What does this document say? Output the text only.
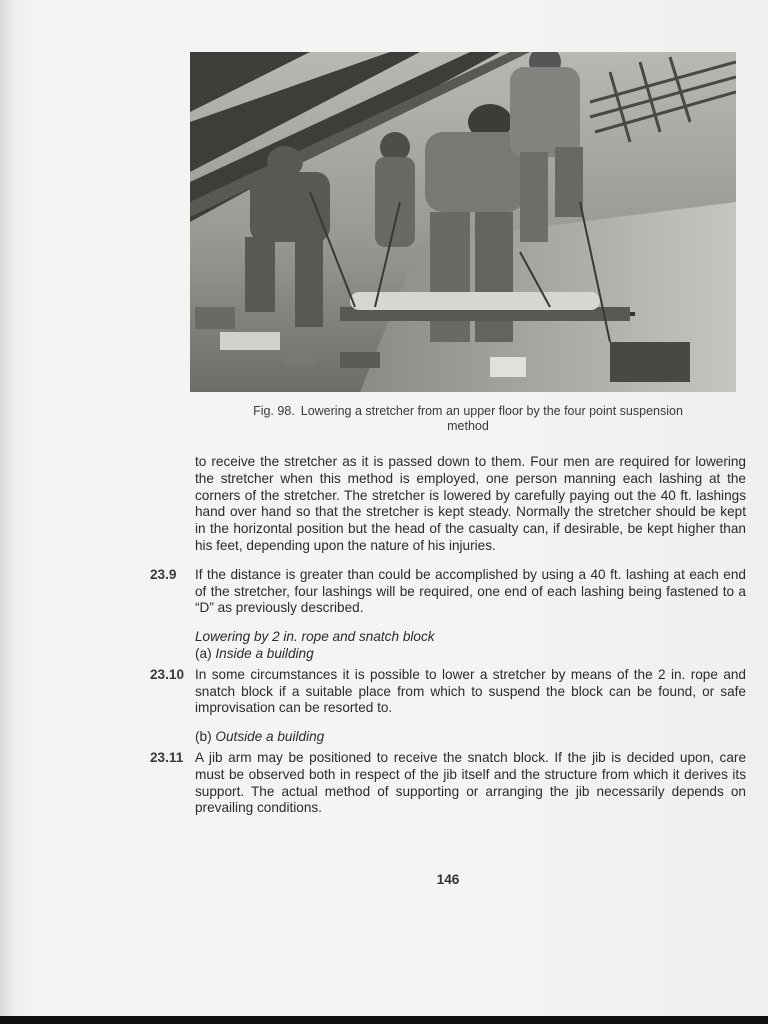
Fig. 98. Lowering a stretcher from an upper floor by the four point suspension
method

to receive the stretcher as it is passed down to them. Four men are required for lowering the stretcher when this method is employed, one person manning each lashing at the corners of the stretcher. The stretcher is lowered by carefully paying out the 40 ft. lashings hand over hand so that the stretcher is kept steady. Normally the stretcher should be kept in the horizontal position but the head of the casualty can, if desirable, be kept higher than his feet, depending upon the nature of his injuries.

23.9	If the distance is greater than could be accomplished by using a 40 ft. lashing at each end of the stretcher, four lashings will be required, one end of each lashing being fastened to a “D” as previously described.

Lowering by 2 in. rope and snatch block

(a) Inside a building

23.10 In some circumstances it is possible to lower a stretcher by means of the 2 in. rope and snatch block if a suitable place from which to suspend the block can be found, or safe improvisation can be resorted to.

(b) Outside a building

23.11 A jib arm may be positioned to receive the snatch block. If the jib is decided upon, care must be observed both in respect of the jib itself and the structure from which it derives its support. The actual method of supporting or arranging the jib necessarily depends on prevailing conditions.

146
